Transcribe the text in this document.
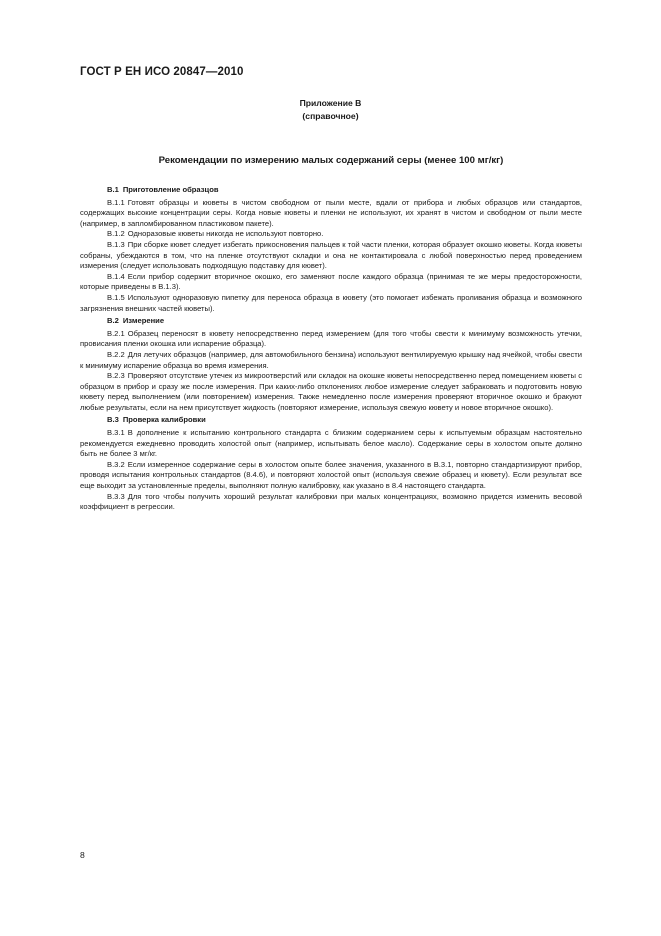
ГОСТ Р ЕН ИСО 20847—2010
Приложение В
(справочное)
Рекомендации по измерению малых содержаний серы (менее 100 мг/кг)
В.1 Приготовление образцов

В.1.1 Готовят образцы и кюветы в чистом свободном от пыли месте, вдали от прибора и любых образцов или стандартов, содержащих высокие концентрации серы. Когда новые кюветы и пленки не используют, их хранят в чистом и свободном от пыли месте (например, в запломбированном пластиковом пакете).

В.1.2 Одноразовые кюветы никогда не используют повторно.

В.1.3 При сборке кювет следует избегать прикосновения пальцев к той части пленки, которая образует окошко кюветы. Когда кюветы собраны, убеждаются в том, что на пленке отсутствуют складки и она не контактировала с любой поверхностью перед проведением измерения (следует использовать подходящую подставку для кювет).

В.1.4 Если прибор содержит вторичное окошко, его заменяют после каждого образца (принимая те же меры предосторожности, которые приведены в В.1.3).

В.1.5 Используют одноразовую пипетку для переноса образца в кювету (это помогает избежать проливания образца и возможного загрязнения внешних частей кюветы).

В.2 Измерение

В.2.1 Образец переносят в кювету непосредственно перед измерением (для того чтобы свести к минимуму возможность утечки, провисания пленки окошка или испарение образца).

В.2.2 Для летучих образцов (например, для автомобильного бензина) используют вентилируемую крышку над ячейкой, чтобы свести к минимуму испарение образца во время измерения.

В.2.3 Проверяют отсутствие утечек из микроотверстий или складок на окошке кюветы непосредственно перед помещением кюветы с образцом в прибор и сразу же после измерения. При каких-либо отклонениях любое измерение следует забраковать и подготовить новую кювету перед выполнением (или повторением) измерения. Также немедленно после измерения проверяют вторичное окошко и бракуют любые результаты, если на нем присутствует жидкость (повторяют измерение, используя свежую кювету и новое вторичное окошко).

В.3 Проверка калибровки

В.3.1 В дополнение к испытанию контрольного стандарта с близким содержанием серы к испытуемым образцам настоятельно рекомендуется ежедневно проводить холостой опыт (например, испытывать белое масло). Содержание серы в холостом опыте должно быть не более 3 мг/кг.

В.3.2 Если измеренное содержание серы в холостом опыте более значения, указанного в В.3.1, повторно стандартизируют прибор, проводя испытания контрольных стандартов (8.4.6), и повторяют холостой опыт (используя свежие образец и кювету). Если результат все еще выходит за установленные пределы, выполняют полную калибровку, как указано в 8.4 настоящего стандарта.

В.3.3 Для того чтобы получить хороший результат калибровки при малых концентрациях, возможно придется изменить весовой коэффициент в регрессии.

8
